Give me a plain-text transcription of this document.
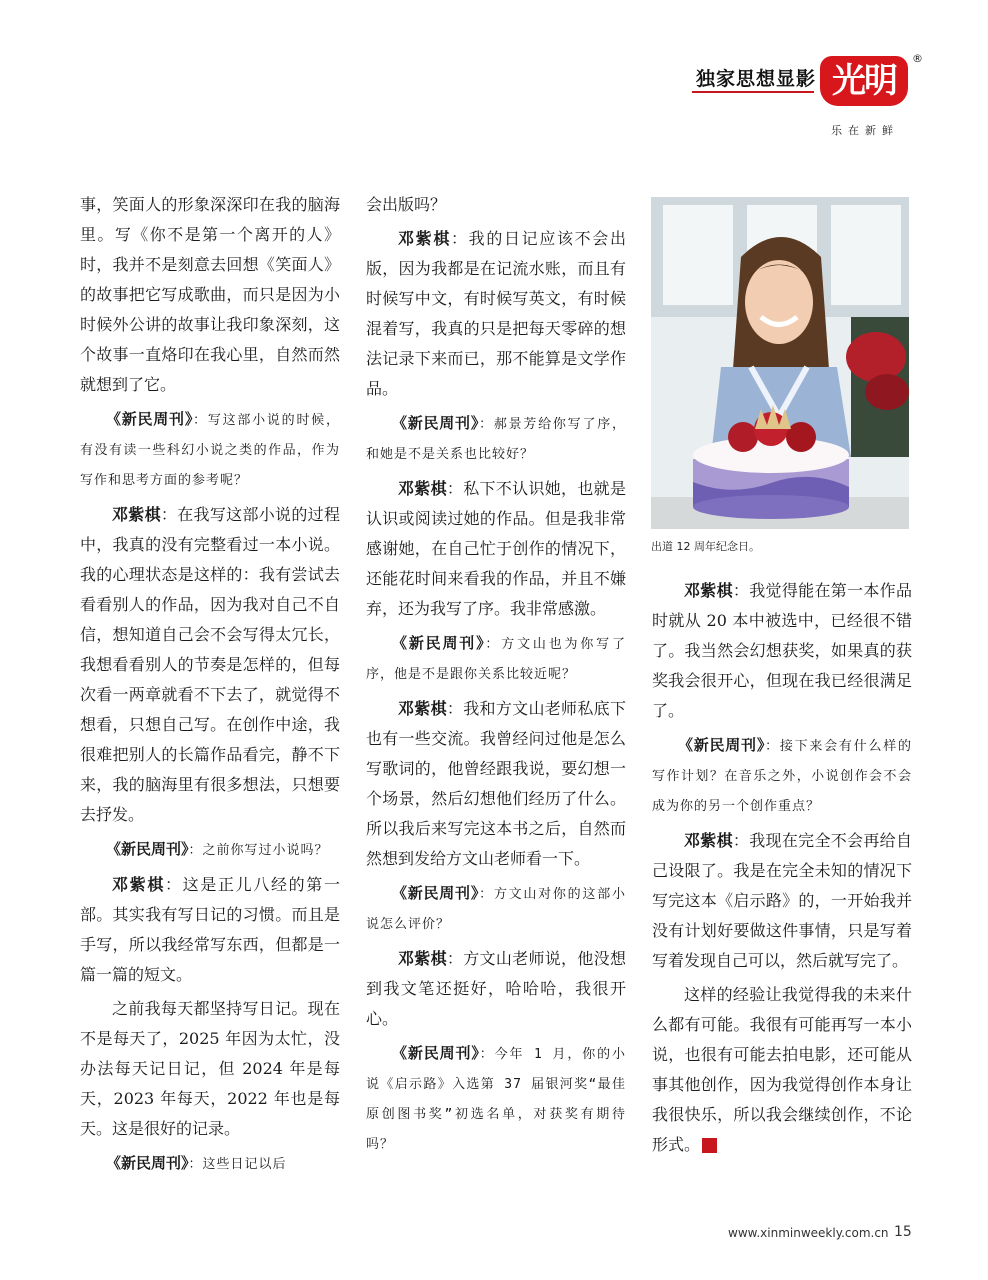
独家思想显影 光明
®
乐在新鲜

事，笑面人的形象深深印在我的脑海里。写《你不是第一个离开的人》时，我并不是刻意去回想《笑面人》的故事把它写成歌曲，而只是因为小时候外公讲的故事让我印象深刻，这个故事一直烙印在我心里，自然而然就想到了它。

《新民周刊》：写这部小说的时候，有没有读一些科幻小说之类的作品，作为写作和思考方面的参考呢？

邓紫棋：在我写这部小说的过程中，我真的没有完整看过一本小说。我的心理状态是这样的：我有尝试去看看别人的作品，因为我对自己不自信，想知道自己会不会写得太冗长，我想看看别人的节奏是怎样的，但每次看一两章就看不下去了，就觉得不想看，只想自己写。在创作中途，我很难把别人的长篇作品看完，静不下来，我的脑海里有很多想法，只想要去抒发。

《新民周刊》：之前你写过小说吗？

邓紫棋：这是正儿八经的第一部。其实我有写日记的习惯。而且是手写，所以我经常写东西，但都是一篇一篇的短文。

之前我每天都坚持写日记。现在不是每天了，2025 年因为太忙，没办法每天记日记，但 2024 年是每天，2023 年每天，2022 年也是每天。这是很好的记录。

《新民周刊》：这些日记以后

会出版吗？

邓紫棋：我的日记应该不会出版，因为我都是在记流水账，而且有时候写中文，有时候写英文，有时候混着写，我真的只是把每天零碎的想法记录下来而已，那不能算是文学作品。

《新民周刊》：郝景芳给你写了序，和她是不是关系也比较好？

邓紫棋：私下不认识她，也就是认识或阅读过她的作品。但是我非常感谢她，在自己忙于创作的情况下，还能花时间来看我的作品，并且不嫌弃，还为我写了序。我非常感激。

《新民周刊》：方文山也为你写了序，他是不是跟你关系比较近呢？

邓紫棋：我和方文山老师私底下也有一些交流。我曾经问过他是怎么写歌词的，他曾经跟我说，要幻想一个场景，然后幻想他们经历了什么。所以我后来写完这本书之后，自然而然想到发给方文山老师看一下。

《新民周刊》：方文山对你的这部小说怎么评价？

邓紫棋：方文山老师说，他没想到我文笔还挺好，哈哈哈，我很开心。

《新民周刊》：今年 1 月，你的小说《启示路》入选第 37 届银河奖“最佳原创图书奖”初选名单，对获奖有期待吗？

出道 12 周年纪念日。

邓紫棋：我觉得能在第一本作品时就从 20 本中被选中，已经很不错了。我当然会幻想获奖，如果真的获奖我会很开心，但现在我已经很满足了。

《新民周刊》：接下来会有什么样的写作计划？在音乐之外，小说创作会不会成为你的另一个创作重点？

邓紫棋：我现在完全不会再给自己设限了。我是在完全未知的情况下写完这本《启示路》的，一开始我并没有计划好要做这件事情，只是写着写着发现自己可以，然后就写完了。

这样的经验让我觉得我的未来什么都有可能。我很有可能再写一本小说，也很有可能去拍电影，还可能从事其他创作，因为我觉得创作本身让我很快乐，所以我会继续创作，不论形式。	民

www.xinminweekly.com.cn 15
